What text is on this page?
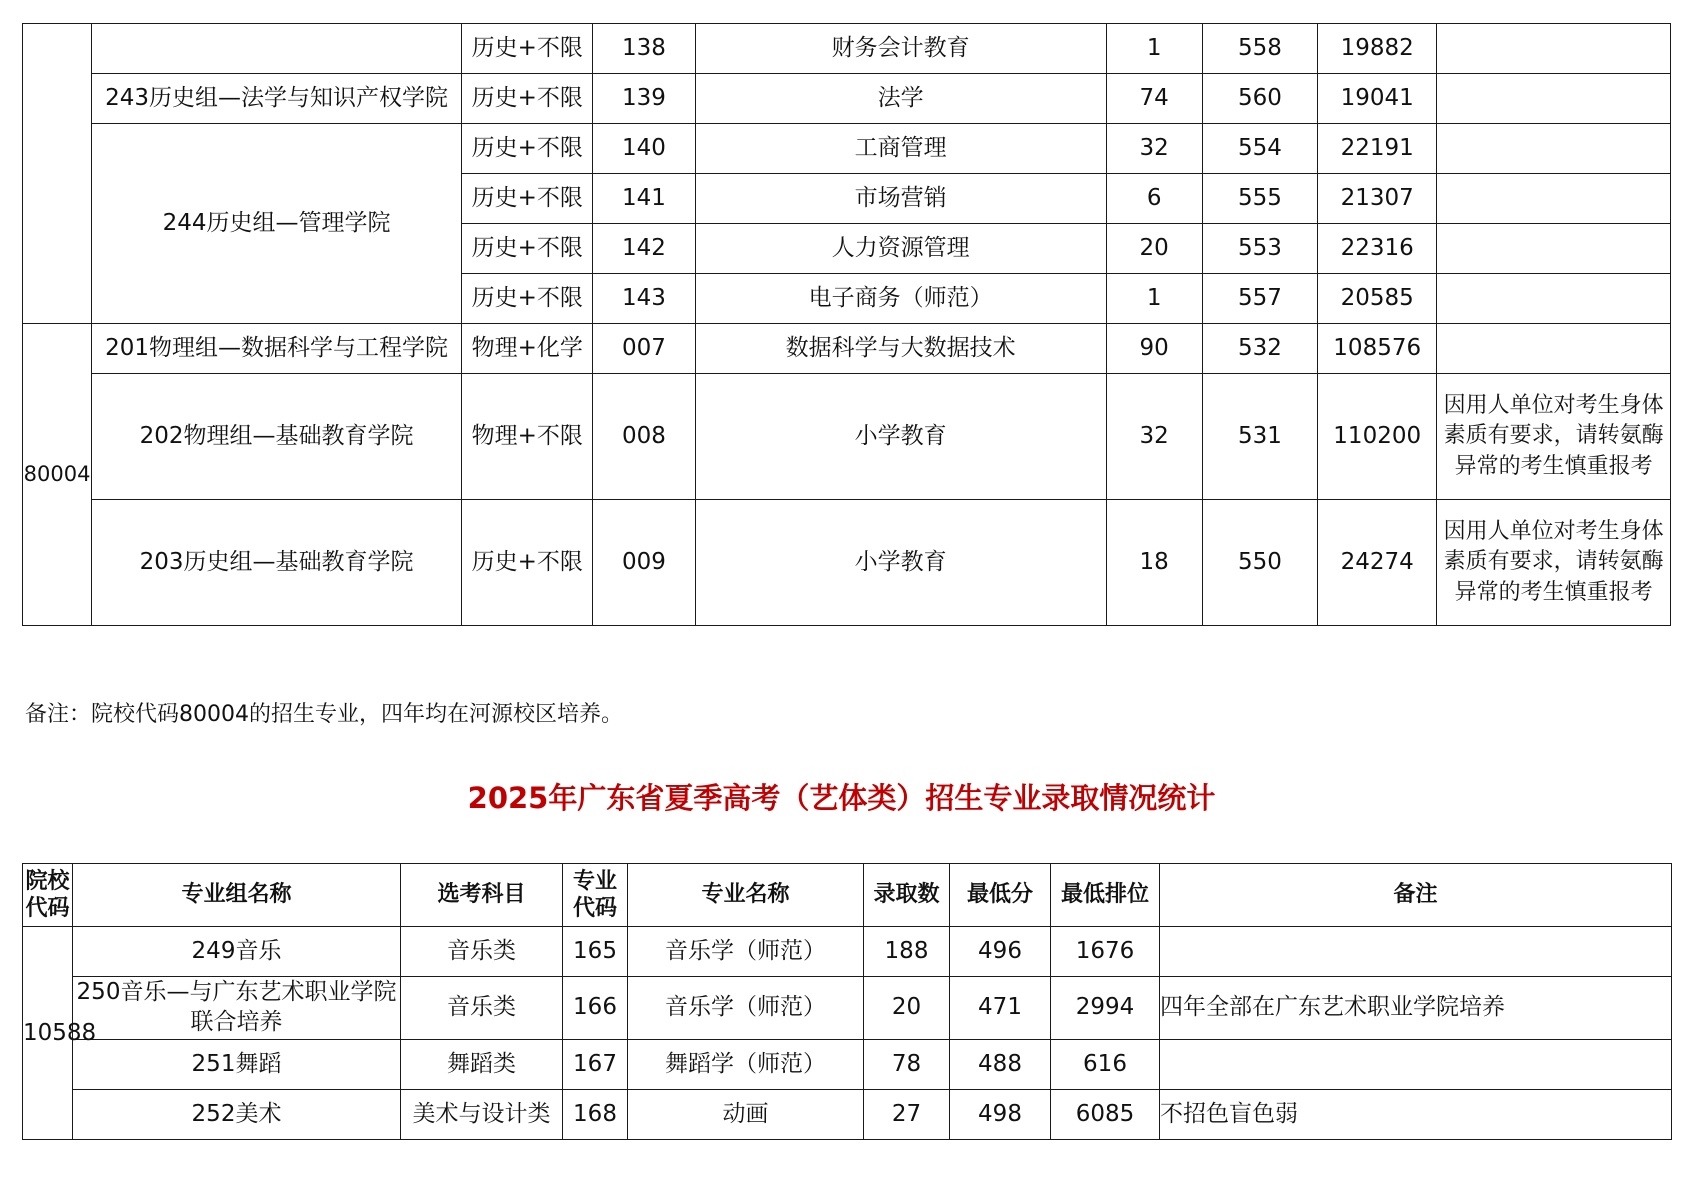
		历史+不限	138	财务会计教育	1	558	19882	
	243历史组—法学与知识产权学院	历史+不限	139	法学	74	560	19041	
	244历史组—管理学院	历史+不限	140	工商管理	32	554	22191	
		历史+不限	141	市场营销	6	555	21307	
		历史+不限	142	人力资源管理	20	553	22316	
		历史+不限	143	电子商务（师范）	1	557	20585	
80004	201物理组—数据科学与工程学院	物理+化学	007	数据科学与大数据技术	90	532	108576	
	202物理组—基础教育学院	物理+不限	008	小学教育	32	531	110200	因用人单位对考生身体素质有要求，请转氨酶异常的考生慎重报考
	203历史组—基础教育学院	历史+不限	009	小学教育	18	550	24274	因用人单位对考生身体素质有要求，请转氨酶异常的考生慎重报考
备注：院校代码80004的招生专业，四年均在河源校区培养。
2025年广东省夏季高考（艺体类）招生专业录取情况统计
院校代码	专业组名称	选考科目	专业代码	专业名称	录取数	最低分	最低排位	备注
10588	249音乐	音乐类	165	音乐学（师范）	188	496	1676	
	250音乐—与广东艺术职业学院联合培养	音乐类	166	音乐学（师范）	20	471	2994	四年全部在广东艺术职业学院培养
	251舞蹈	舞蹈类	167	舞蹈学（师范）	78	488	616	
	252美术	美术与设计类	168	动画	27	498	6085	不招色盲色弱
